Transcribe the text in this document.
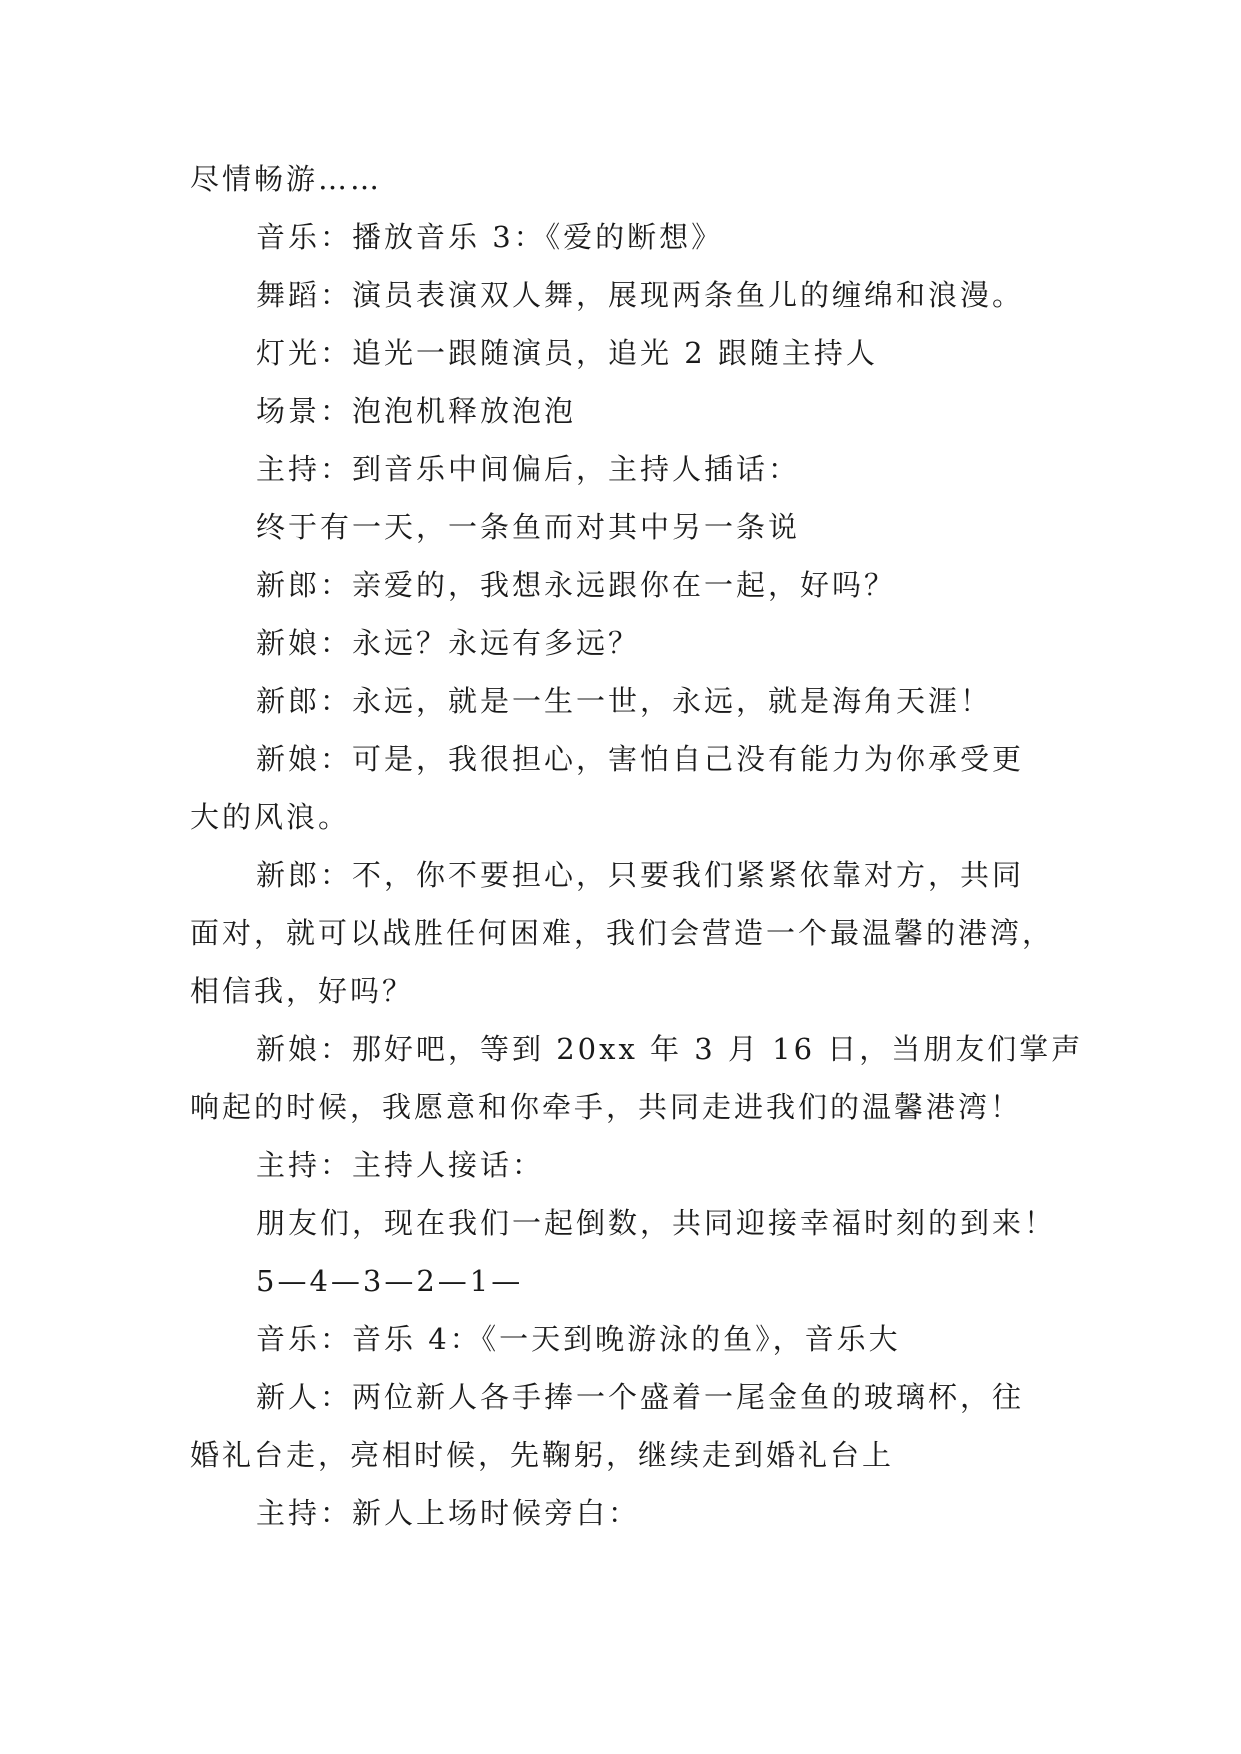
尽情畅游……

音乐：播放音乐 3：《爱的断想》

舞蹈：演员表演双人舞，展现两条鱼儿的缠绵和浪漫。

灯光：追光一跟随演员，追光 2 跟随主持人

场景：泡泡机释放泡泡

主持：到音乐中间偏后，主持人插话：

终于有一天，一条鱼而对其中另一条说

新郎：亲爱的，我想永远跟你在一起，好吗？

新娘：永远？永远有多远？

新郎：永远，就是一生一世，永远，就是海角天涯！

新娘：可是，我很担心，害怕自己没有能力为你承受更

大的风浪。

新郎：不，你不要担心，只要我们紧紧依靠对方，共同

面对，就可以战胜任何困难，我们会营造一个最温馨的港湾，

相信我，好吗？

新娘：那好吧，等到 20xx 年 3 月 16 日，当朋友们掌声

响起的时候，我愿意和你牵手，共同走进我们的温馨港湾！

主持：主持人接话：

朋友们，现在我们一起倒数，共同迎接幸福时刻的到来！

5—4—3—2—1—

音乐：音乐 4：《一天到晚游泳的鱼》，音乐大

新人：两位新人各手捧一个盛着一尾金鱼的玻璃杯，往

婚礼台走，亮相时候，先鞠躬，继续走到婚礼台上

主持：新人上场时候旁白：
